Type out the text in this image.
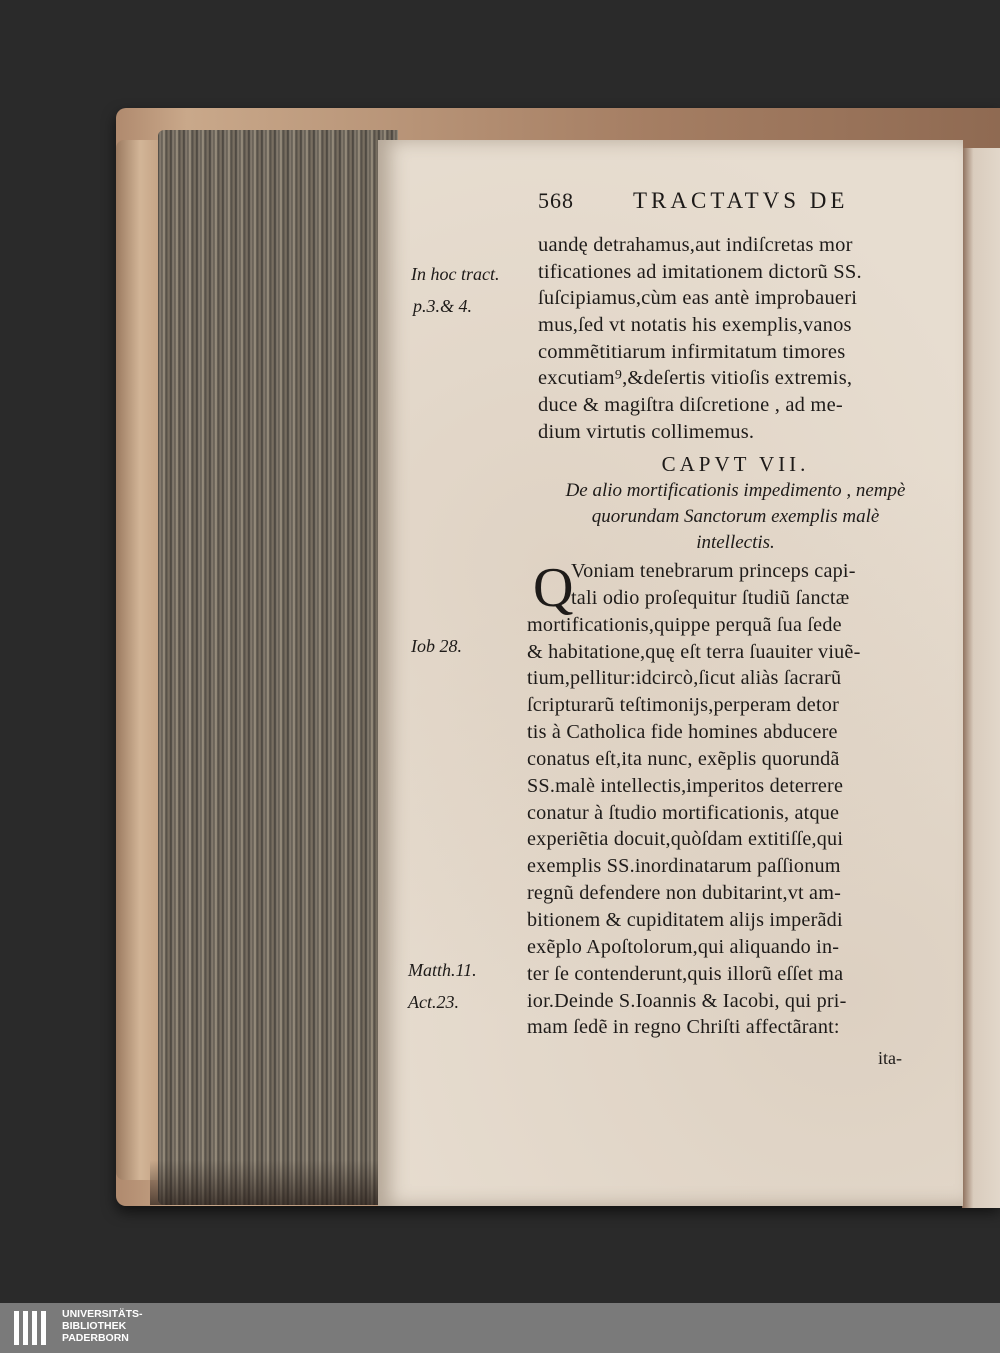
568	TRACTATVS DE
uandę detrahamus,aut indiſcretas mor
tificationes ad imitationem dictorũ SS.
ſuſcipiamus,cùm eas antè improbaueri
mus,ſed vt notatis his exemplis,vanos
commẽtitiarum infirmitatum timores
excutiam⁹,&deſertis vitioſis extremis,
duce & magiſtra diſcretione , ad me-
dium virtutis collimemus.
CAPVT VII.
De alio mortificationis impedimento , nempè
quorundam Sanctorum exemplis malè
intellectis.
Q
Voniam tenebrarum princeps capi-
tali odio proſequitur ſtudiũ ſanctæ
mortificationis,quippe perquã ſua ſede
& habitatione,quę eſt terra ſuauiter viuẽ-
tium,pellitur:idcircò,ſicut aliàs ſacrarũ
ſcripturarũ teſtimonijs,perperam detor
tis à Catholica fide homines abducere
conatus eſt,ita nunc, exẽplis quorundã
SS.malè intellectis,imperitos deterrere
conatur à ſtudio mortificationis, atque
experiẽtia docuit,quòſdam extitiſſe,qui
exemplis SS.inordinatarum paſſionum
regnũ defendere non dubitarint,vt am-
bitionem & cupiditatem alijs imperãdi
exẽplo Apoſtolorum,qui aliquando in-
ter ſe contenderunt,quis illorũ eſſet ma
ior.Deinde S.Ioannis & Iacobi, qui pri-
mam ſedẽ in regno Chriſti affectãrant:
ita-
In hoc tract.
p.3.& 4.
Iob 28.
Matth.11.
Act.23.
UNIVERSITÄTS-
BIBLIOTHEK
PADERBORN
